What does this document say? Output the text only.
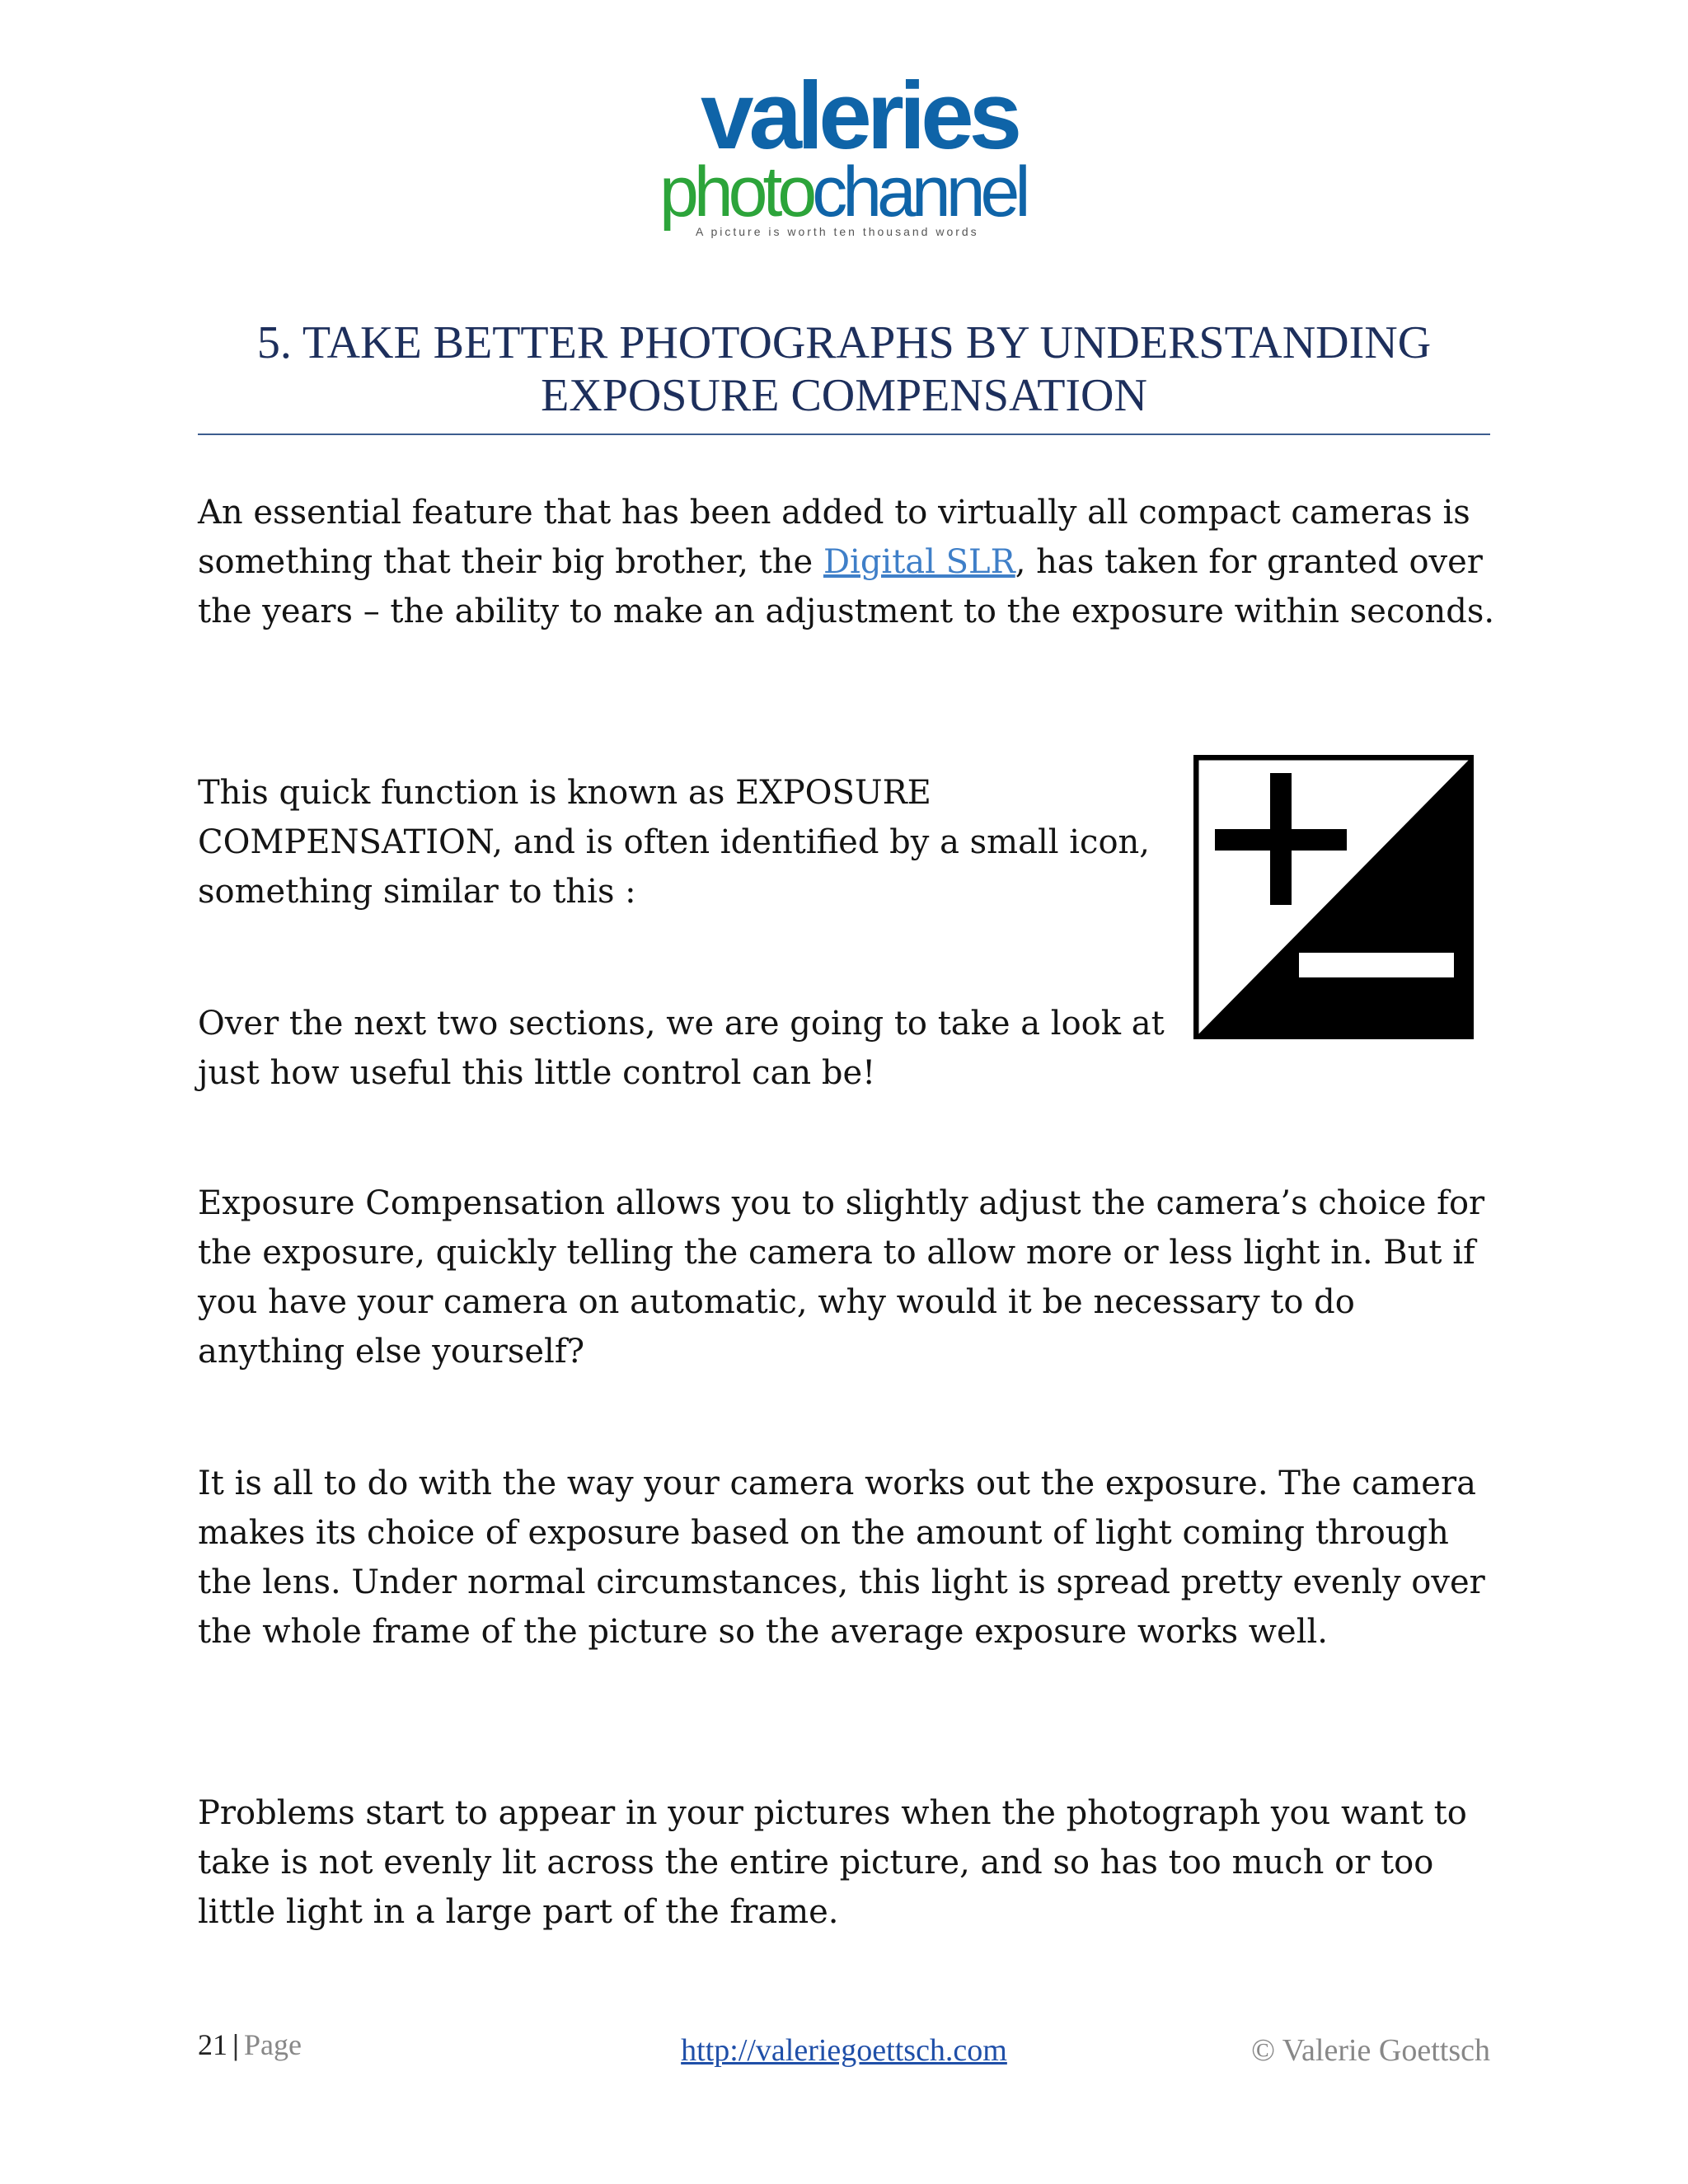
valeries
photochannel
A picture is worth ten thousand words
5. TAKE BETTER PHOTOGRAPHS BY UNDERSTANDING
EXPOSURE COMPENSATION

An essential feature that has been added to virtually all compact cameras is something that their big brother, the Digital SLR, has taken for granted over the years – the ability to make an adjustment to the exposure within seconds.

This quick function is known as EXPOSURE COMPENSATION, and is often identified by a small icon, something similar to this :

Over the next two sections, we are going to take a look at just how useful this little control can be!

Exposure Compensation allows you to slightly adjust the camera’s choice for the exposure, quickly telling the camera to allow more or less light in. But if you have your camera on automatic, why would it be necessary to do anything else yourself?

It is all to do with the way your camera works out the exposure. The camera makes its choice of exposure based on the amount of light coming through the lens. Under normal circumstances, this light is spread pretty evenly over the whole frame of the picture so the average exposure works well.

Problems start to appear in your pictures when the photograph you want to take is not evenly lit across the entire picture, and so has too much or too little light in a large part of the frame.

21 | Page	http://valeriegoettsch.com	© Valerie Goettsch
